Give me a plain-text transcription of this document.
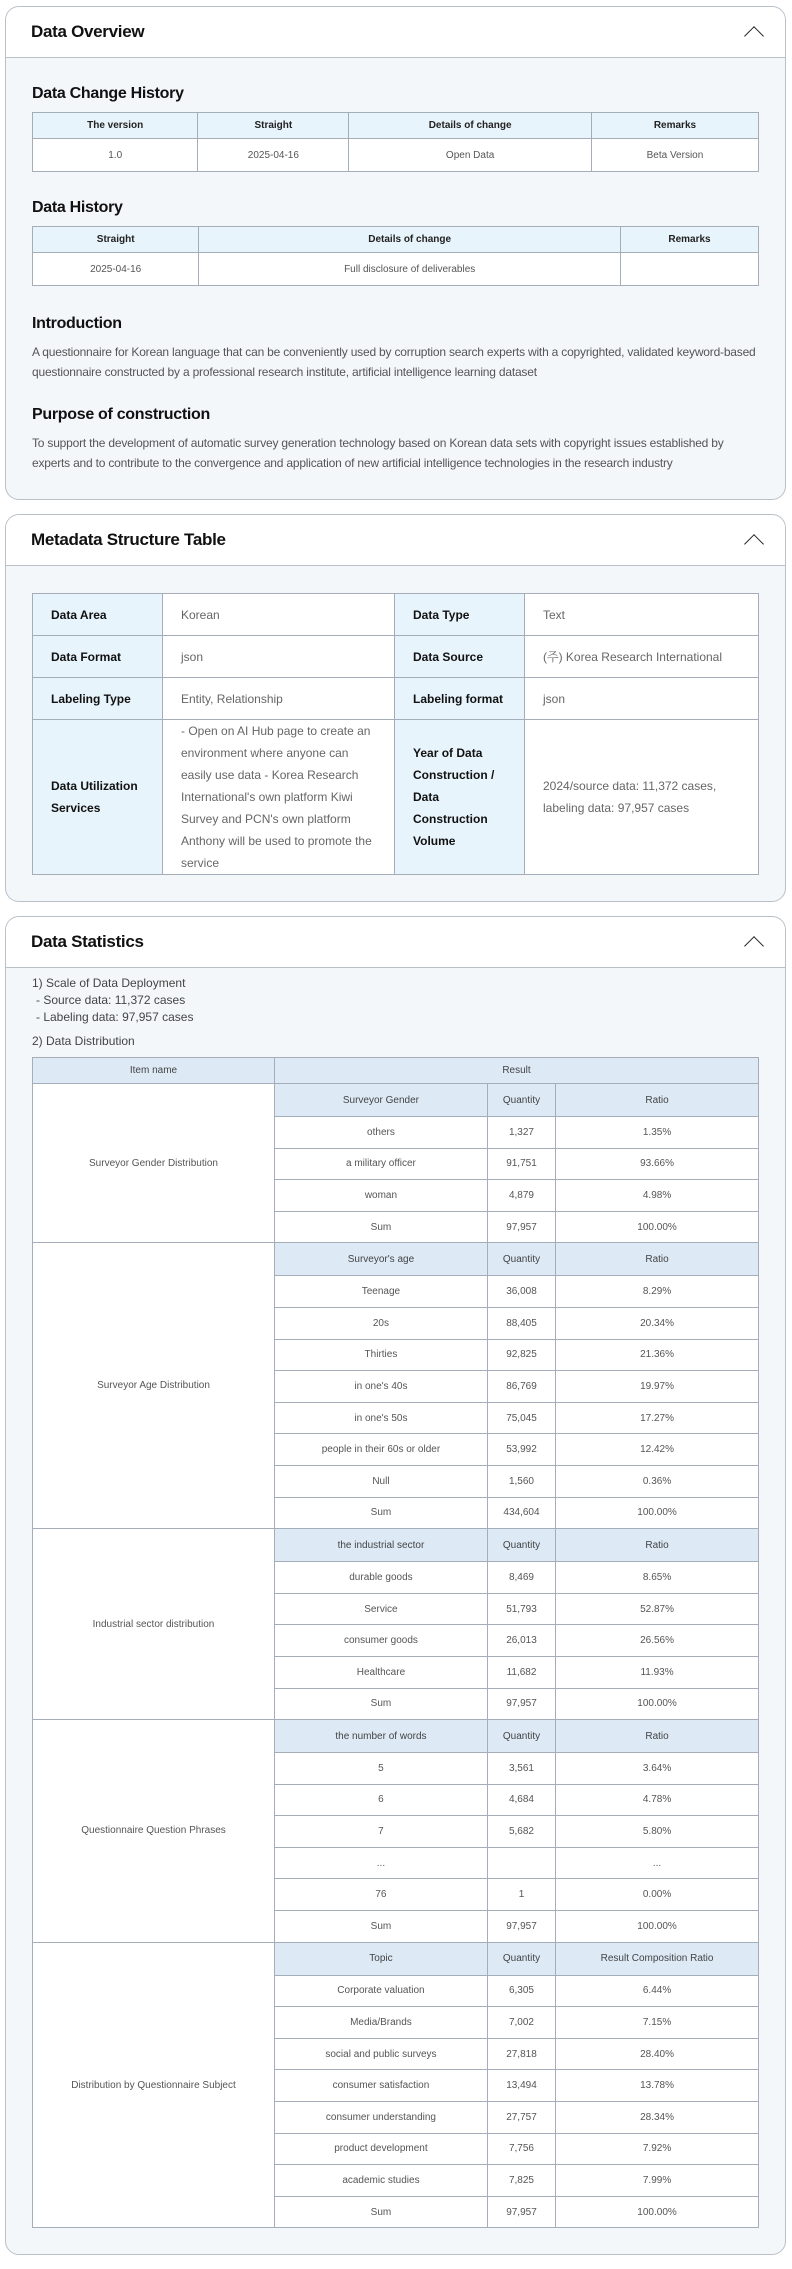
Data Overview
Data Change History
The version	Straight	Details of change	Remarks
1.0	2025-04-16	Open Data	Beta Version
Data History
Straight	Details of change	Remarks
2025-04-16	Full disclosure of deliverables	
Introduction

A questionnaire for Korean language that can be conveniently used by corruption search experts with a copyrighted, validated keyword-based questionnaire constructed by a professional research institute, artificial intelligence learning dataset

Purpose of construction

To support the development of automatic survey generation technology based on Korean data sets with copyright issues established by experts and to contribute to the convergence and application of new artificial intelligence technologies in the research industry

Metadata Structure Table
Data Area	Korean	Data Type	Text
Data Format	json	Data Source	(주) Korea Research International
Labeling Type	Entity, Relationship	Labeling format	json
Data Utilization Services	- Open on AI Hub page to create an environment where anyone can easily use data - Korea Research International's own platform Kiwi Survey and PCN's own platform Anthony will be used to promote the service	Year of Data Construction / Data Construction Volume	2024/source data: 11,372 cases, labeling data: 97,957 cases
Data Statistics
1) Scale of Data Deployment
- Source data: 11,372 cases
- Labeling data: 97,957 cases
2) Data Distribution
Item name	Result		
Surveyor Gender Distribution	Surveyor Gender	Quantity	Ratio
	others	1,327	1.35%
	a military officer	91,751	93.66%
	woman	4,879	4.98%
	Sum	97,957	100.00%
Surveyor Age Distribution	Surveyor's age	Quantity	Ratio
	Teenage	36,008	8.29%
	20s	88,405	20.34%
	Thirties	92,825	21.36%
	in one's 40s	86,769	19.97%
	in one's 50s	75,045	17.27%
	people in their 60s or older	53,992	12.42%
	Null	1,560	0.36%
	Sum	434,604	100.00%
Industrial sector distribution	the industrial sector	Quantity	Ratio
	durable goods	8,469	8.65%
	Service	51,793	52.87%
	consumer goods	26,013	26.56%
	Healthcare	11,682	11.93%
	Sum	97,957	100.00%
Questionnaire Question Phrases	the number of words	Quantity	Ratio
	5	3,561	3.64%
	6	4,684	4.78%
	7	5,682	5.80%
	...		...
	76	1	0.00%
	Sum	97,957	100.00%
Distribution by Questionnaire Subject	Topic	Quantity	Result Composition Ratio
	Corporate valuation	6,305	6.44%
	Media/Brands	7,002	7.15%
	social and public surveys	27,818	28.40%
	consumer satisfaction	13,494	13.78%
	consumer understanding	27,757	28.34%
	product development	7,756	7.92%
	academic studies	7,825	7.99%
	Sum	97,957	100.00%
